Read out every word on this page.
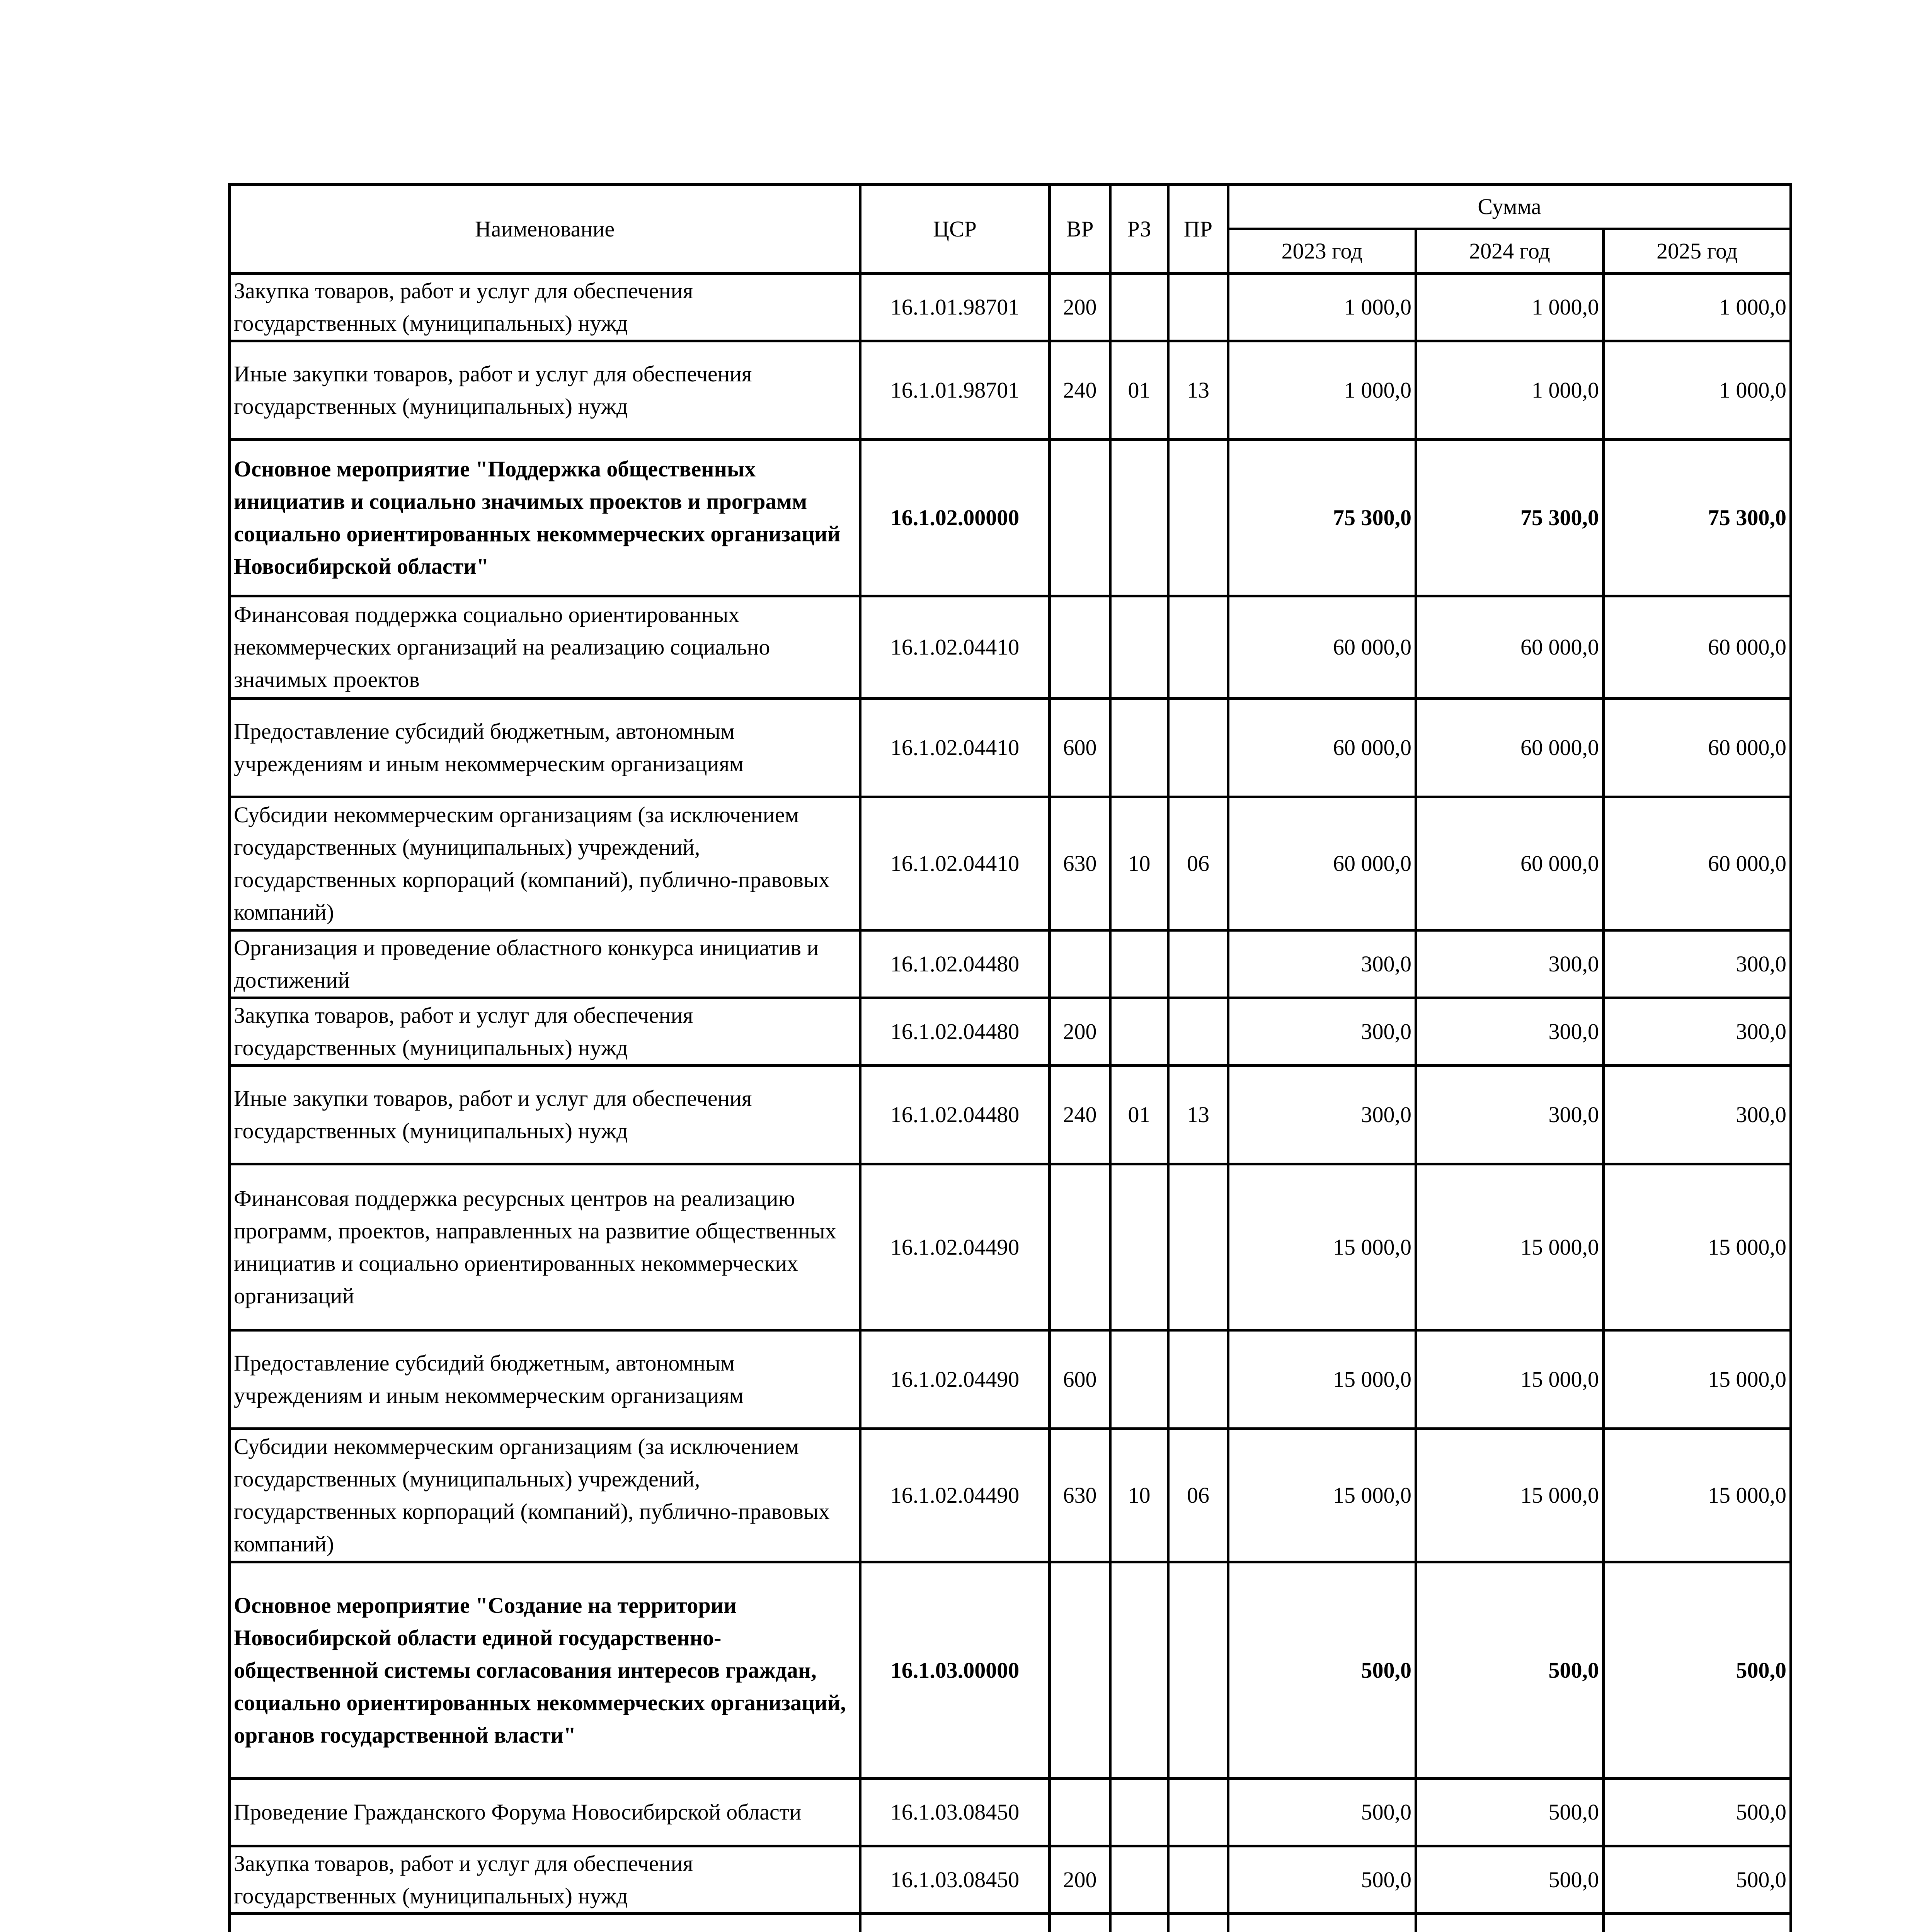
Наименование	ЦСР	ВР	РЗ	ПР	Сумма		
					2023 год	2024 год	2025 год
Закупка товаров, работ и услуг для обеспечения государственных (муниципальных) нужд	16.1.01.98701	200			1 000,0	1 000,0	1 000,0
Иные закупки товаров, работ и услуг для обеспечения государственных (муниципальных) нужд	16.1.01.98701	240	01	13	1 000,0	1 000,0	1 000,0
Основное мероприятие "Поддержка общественных инициатив и социально значимых проектов и программ социально ориентированных некоммерческих организаций Новосибирской области"	16.1.02.00000				75 300,0	75 300,0	75 300,0
Финансовая поддержка социально ориентированных некоммерческих организаций на реализацию социально значимых проектов	16.1.02.04410				60 000,0	60 000,0	60 000,0
Предоставление субсидий бюджетным, автономным учреждениям и иным некоммерческим организациям	16.1.02.04410	600			60 000,0	60 000,0	60 000,0
Субсидии некоммерческим организациям (за исключением государственных (муниципальных) учреждений, государственных корпораций (компаний), публично-правовых компаний)	16.1.02.04410	630	10	06	60 000,0	60 000,0	60 000,0
Организация и проведение областного конкурса инициатив и достижений	16.1.02.04480				300,0	300,0	300,0
Закупка товаров, работ и услуг для обеспечения государственных (муниципальных) нужд	16.1.02.04480	200			300,0	300,0	300,0
Иные закупки товаров, работ и услуг для обеспечения государственных (муниципальных) нужд	16.1.02.04480	240	01	13	300,0	300,0	300,0
Финансовая поддержка ресурсных центров на реализацию программ, проектов, направленных на развитие общественных инициатив и социально ориентированных некоммерческих организаций	16.1.02.04490				15 000,0	15 000,0	15 000,0
Предоставление субсидий бюджетным, автономным учреждениям и иным некоммерческим организациям	16.1.02.04490	600			15 000,0	15 000,0	15 000,0
Субсидии некоммерческим организациям (за исключением государственных (муниципальных) учреждений, государственных корпораций (компаний), публично-правовых компаний)	16.1.02.04490	630	10	06	15 000,0	15 000,0	15 000,0
Основное мероприятие "Создание на территории Новосибирской области единой государственно-общественной системы согласования интересов граждан, социально ориентированных некоммерческих организаций, органов государственной власти"	16.1.03.00000				500,0	500,0	500,0
Проведение Гражданского Форума Новосибирской области	16.1.03.08450				500,0	500,0	500,0
Закупка товаров, работ и услуг для обеспечения государственных (муниципальных) нужд	16.1.03.08450	200			500,0	500,0	500,0
